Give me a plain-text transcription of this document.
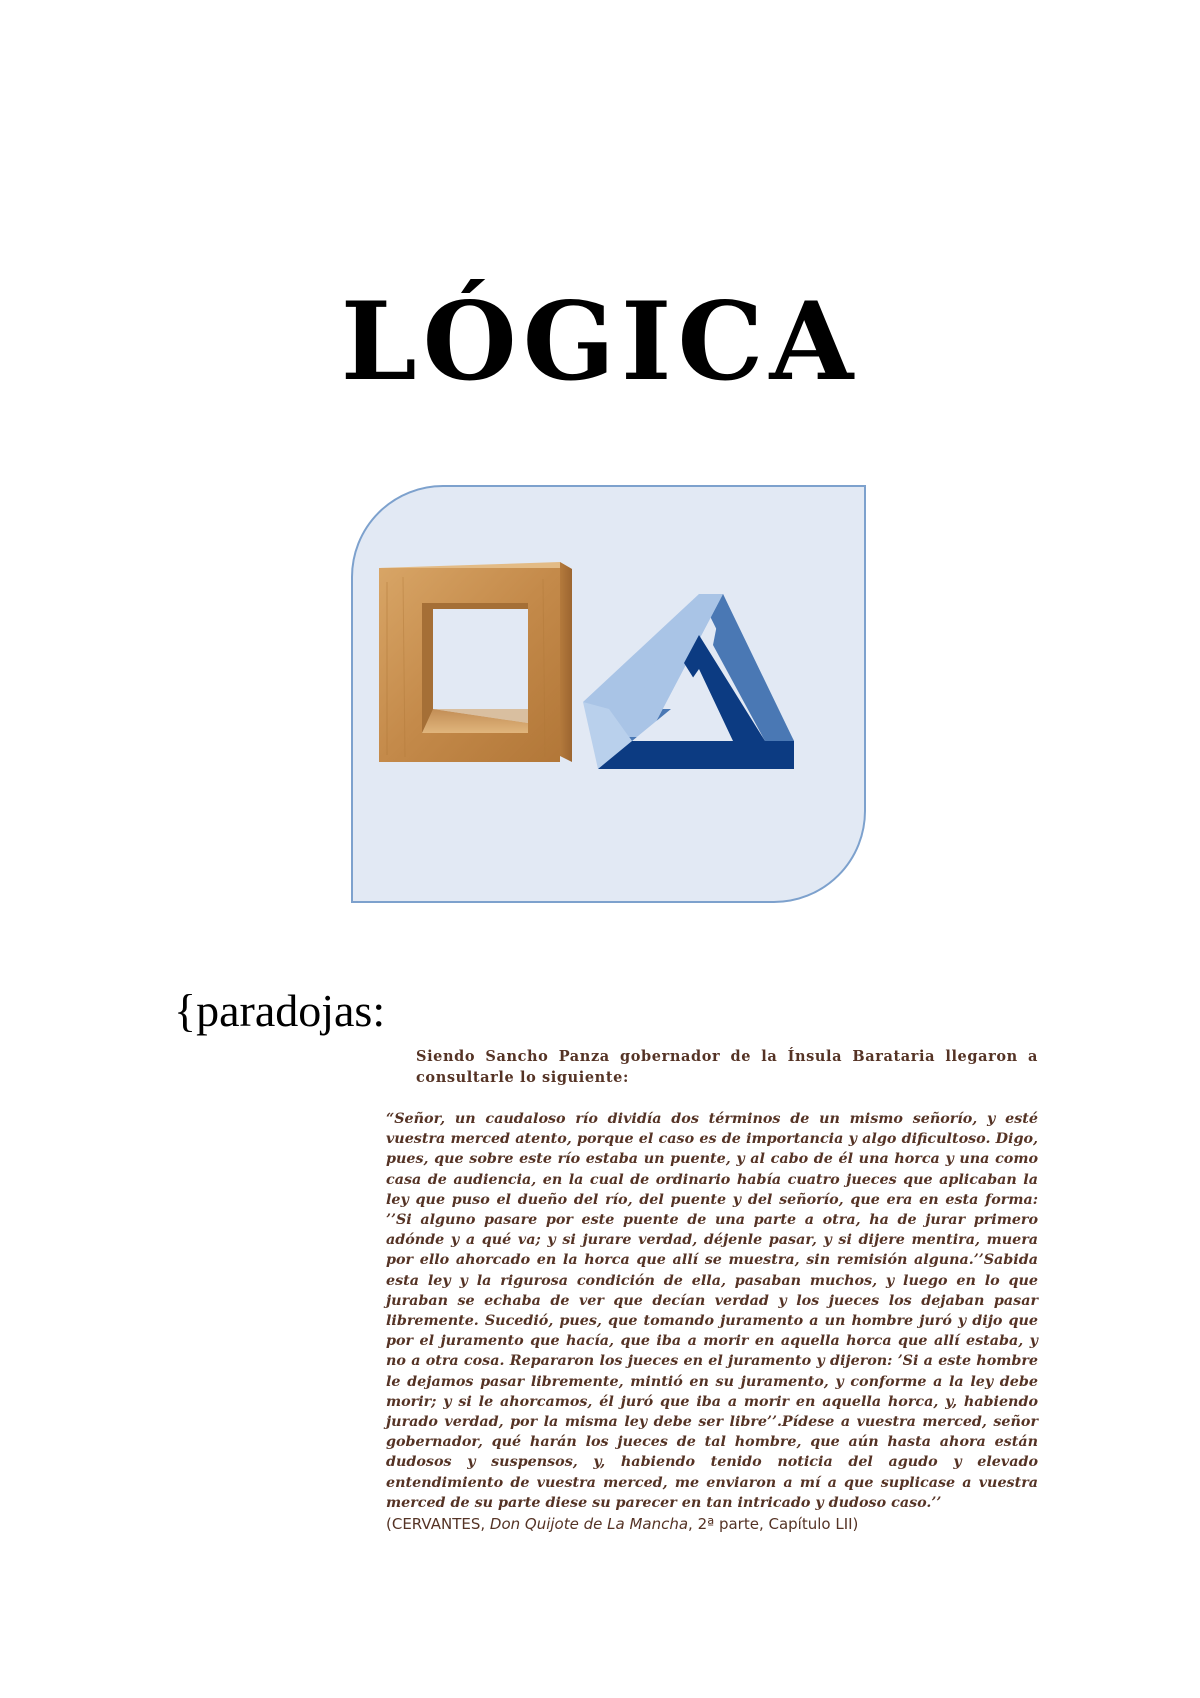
LÓGICA
{paradojas:
Siendo Sancho Panza gobernador de la Ínsula Barataria llegaron a consultarle lo siguiente:
“Señor, un caudaloso río dividía dos términos de un mismo señorío, y esté vuestra merced atento, porque el caso es de importancia y algo dificultoso. Digo, pues, que sobre este río estaba un puente, y al cabo de él una horca y una como casa de audiencia, en la cual de ordinario había cuatro jueces que aplicaban la ley que puso el dueño del río, del puente y del señorío, que era en esta forma: ’’Si alguno pasare por este puente de una parte a otra, ha de jurar primero adónde y a qué va; y si jurare verdad, déjenle pasar, y si dijere mentira, muera por ello ahorcado en la horca que allí se muestra, sin remisión alguna.’’Sabida esta ley y la rigurosa condición de ella, pasaban muchos, y luego en lo que juraban se echaba de ver que decían verdad y los jueces los dejaban pasar libremente. Sucedió, pues, que tomando juramento a un hombre juró y dijo que por el juramento que hacía, que iba a morir en aquella horca que allí estaba, y no a otra cosa. Repararon los jueces en el juramento y dijeron: ’Si a este hombre le dejamos pasar libremente, mintió en su juramento, y conforme a la ley debe morir; y si le ahorcamos, él juró que iba a morir en aquella horca, y, habiendo jurado verdad, por la misma ley debe ser libre’’.Pídese a vuestra merced, señor gobernador, qué harán los jueces de tal hombre, que aún hasta ahora están dudosos y suspensos, y, habiendo tenido noticia del agudo y elevado entendimiento de vuestra merced, me enviaron a mí a que suplicase a vuestra merced de su parte diese su parecer en tan intricado y dudoso caso.’’
(CERVANTES, Don Quijote de La Mancha, 2ª parte, Capítulo LII)
